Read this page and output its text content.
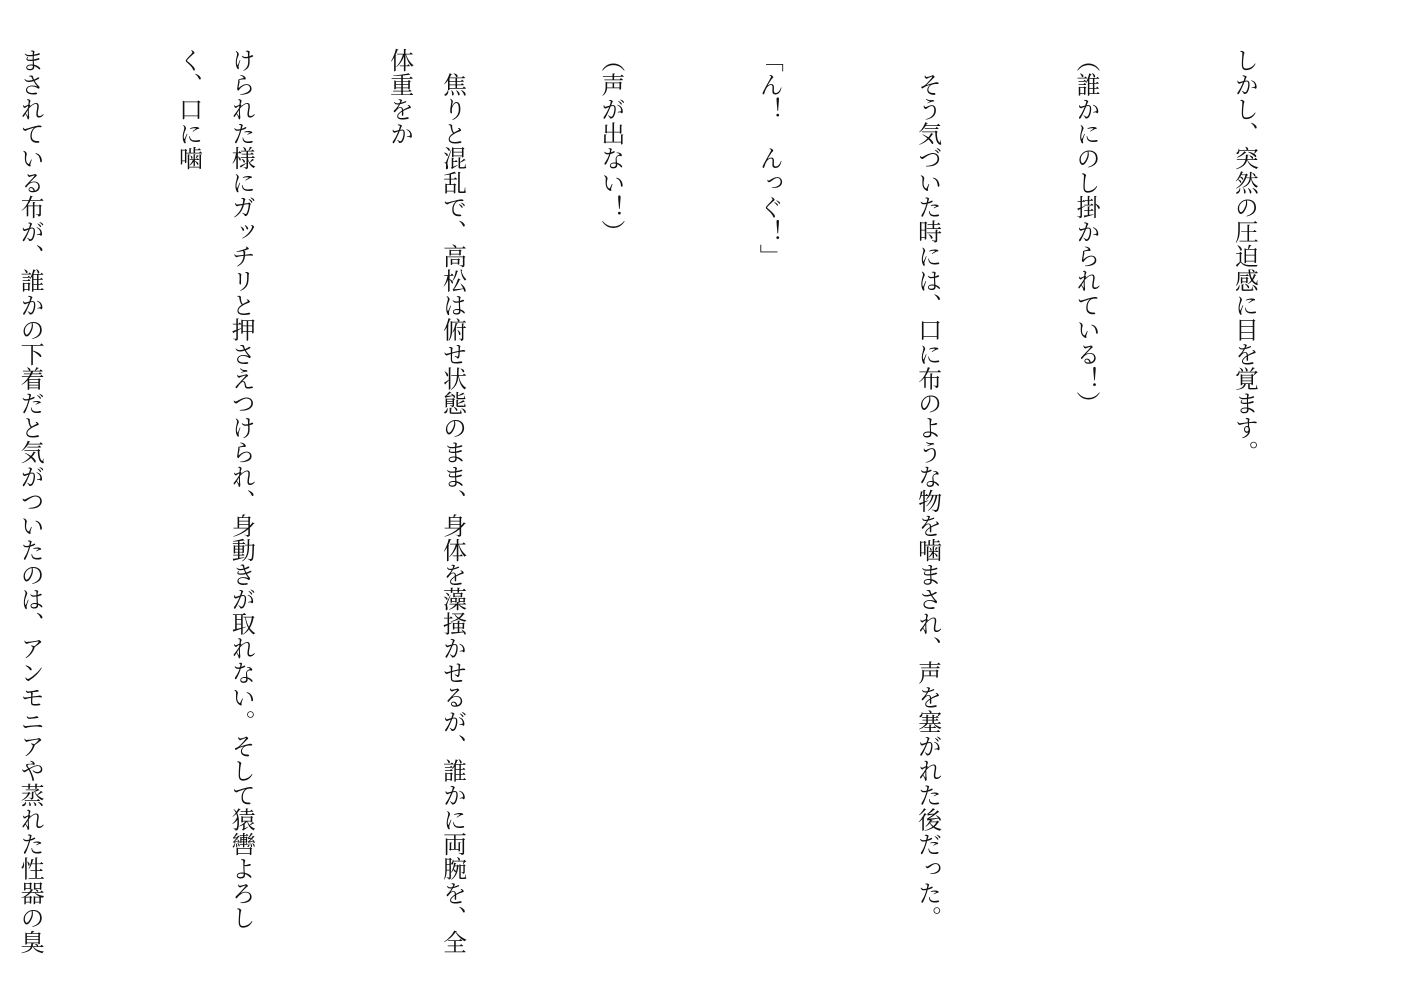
しかし、突然の圧迫感に目を覚ます。

（誰かにのし掛かられている！）

　そう気づいた時には、口に布のような物を噛まされ、声を塞がれた後だった。

「ん！　んっぐ！」

（声が出ない！）

　焦りと混乱で、高松は俯せ状態のまま、身体を藻掻かせるが、誰かに両腕を、全体重をか

けられた様にガッチリと押さえつけられ、身動きが取れない。そして猿轡よろしく、口に噛

まされている布が、誰かの下着だと気がついたのは、アンモニアや蒸れた性器の臭
